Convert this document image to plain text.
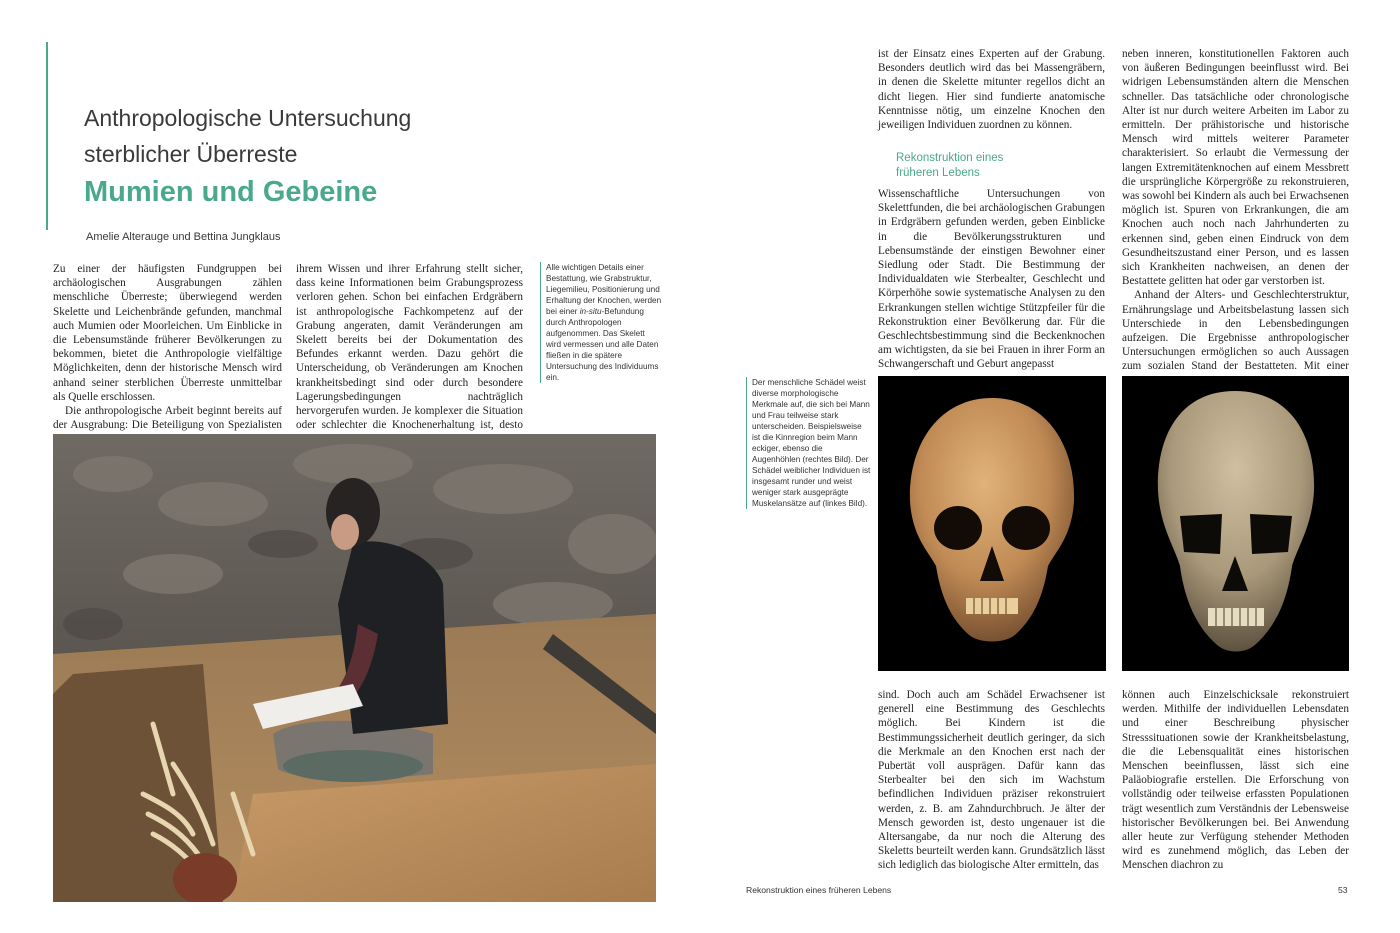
Anthropologische Untersuchung sterblicher Überreste
Mumien und Gebeine
Amelie Alterauge und Bettina Jungklaus

Zu einer der häufigsten Fundgruppen bei archäologischen Ausgrabungen zählen menschliche Überreste; überwiegend werden Skelette und Leichenbrände gefunden, manchmal auch Mumien oder Moorleichen. Um Einblicke in die Lebensumstände früherer Bevölkerungen zu bekommen, bietet die Anthropologie vielfältige Möglichkeiten, denn der historische Mensch wird anhand seiner sterblichen Überreste unmittelbar als Quelle erschlossen.

Die anthropologische Arbeit beginnt bereits auf der Ausgrabung: Die Beteiligung von Spezialisten

ihrem Wissen und ihrer Erfahrung stellt sicher, dass keine Informationen beim Grabungsprozess verloren gehen. Schon bei einfachen Erdgräbern ist anthropologische Fachkompetenz auf der Grabung angeraten, damit Veränderungen am Skelett bereits bei der Dokumentation des Befundes erkannt werden. Dazu gehört die Unterscheidung, ob Veränderungen am Knochen krankheitsbedingt sind oder durch besondere Lagerungsbedingungen nachträglich hervorgerufen wurden. Je komplexer die Situation oder schlechter die Knochenerhaltung ist, desto

Alle wichtigen Details einer Bestattung, wie Grabstruktur, Liegemilieu, Positionierung und Erhaltung der Knochen, werden bei einer in-situ-Befundung durch Anthropologen aufgenommen. Das Skelett wird vermessen und alle Daten fließen in die spätere Untersuchung des Individuums ein.

ist der Einsatz eines Experten auf der Grabung. Besonders deutlich wird das bei Massengräbern, in denen die Skelette mitunter regellos dicht an dicht liegen. Hier sind fundierte anatomische Kenntnisse nötig, um einzelne Knochen den jeweiligen Individuen zuordnen zu können.

Rekonstruktion eines früheren Lebens

Wissenschaftliche Untersuchungen von Skelettfunden, die bei archäologischen Grabungen in Erdgräbern gefunden werden, geben Einblicke in die Bevölkerungsstrukturen und Lebensumstände der einstigen Bewohner einer Siedlung oder Stadt. Die Bestimmung der Individualdaten wie Sterbealter, Geschlecht und Körperhöhe sowie systematische Analysen zu den Erkrankungen stellen wichtige Stützpfeiler für die Rekonstruktion einer Bevölkerung dar. Für die Geschlechtsbestimmung sind die Beckenknochen am wichtigsten, da sie bei Frauen in ihrer Form an Schwangerschaft und Geburt angepasst

neben inneren, konstitutionellen Faktoren auch von äußeren Bedingungen beeinflusst wird. Bei widrigen Lebensumständen altern die Menschen schneller. Das tatsächliche oder chronologische Alter ist nur durch weitere Arbeiten im Labor zu ermitteln. Der prähistorische und historische Mensch wird mittels weiterer Parameter charakterisiert. So erlaubt die Vermessung der langen Extremitätenknochen auf einem Messbrett die ursprüngliche Körpergröße zu rekonstruieren, was sowohl bei Kindern als auch bei Erwachsenen möglich ist. Spuren von Erkrankungen, die am Knochen auch noch nach Jahrhunderten zu erkennen sind, geben einen Eindruck von dem Gesundheitszustand einer Person, und es lassen sich Krankheiten nachweisen, an denen der Bestattete gelitten hat oder gar verstorben ist.

Anhand der Alters- und Geschlechterstruktur, Ernährungslage und Arbeitsbelastung lassen sich Unterschiede in den Lebensbedingungen aufzeigen. Die Ergebnisse anthropologischer Untersuchungen ermöglichen so auch Aussagen zum sozialen Stand der Bestatteten. Mit einer

Der menschliche Schädel weist diverse morphologische Merkmale auf, die sich bei Mann und Frau teilweise stark unterscheiden. Beispielsweise ist die Kinnregion beim Mann eckiger, ebenso die Augenhöhlen (rechtes Bild). Der Schädel weiblicher Individuen ist insgesamt runder und weist weniger stark ausgeprägte Muskelansätze auf (linkes Bild).

sind. Doch auch am Schädel Erwachsener ist generell eine Bestimmung des Geschlechts möglich. Bei Kindern ist die Bestimmungssicherheit deutlich geringer, da sich die Merkmale an den Knochen erst nach der Pubertät voll ausprägen. Dafür kann das Sterbealter bei den sich im Wachstum befindlichen Individuen präziser rekonstruiert werden, z. B. am Zahndurchbruch. Je älter der Mensch geworden ist, desto ungenauer ist die Altersangabe, da nur noch die Alterung des Skeletts beurteilt werden kann. Grundsätzlich lässt sich lediglich das biologische Alter ermitteln, das

können auch Einzelschicksale rekonstruiert werden. Mithilfe der individuellen Lebensdaten und einer Beschreibung physischer Stresssituationen sowie der Krankheitsbelastung, die die Lebensqualität eines historischen Menschen beeinflussen, lässt sich eine Paläobiografie erstellen. Die Erforschung von vollständig oder teilweise erfassten Populationen trägt wesentlich zum Verständnis der Lebensweise historischer Bevölkerungen bei. Bei Anwendung aller heute zur Verfügung stehender Methoden wird es zunehmend möglich, das Leben der Menschen diachron zu

Rekonstruktion eines früheren Lebens	53
